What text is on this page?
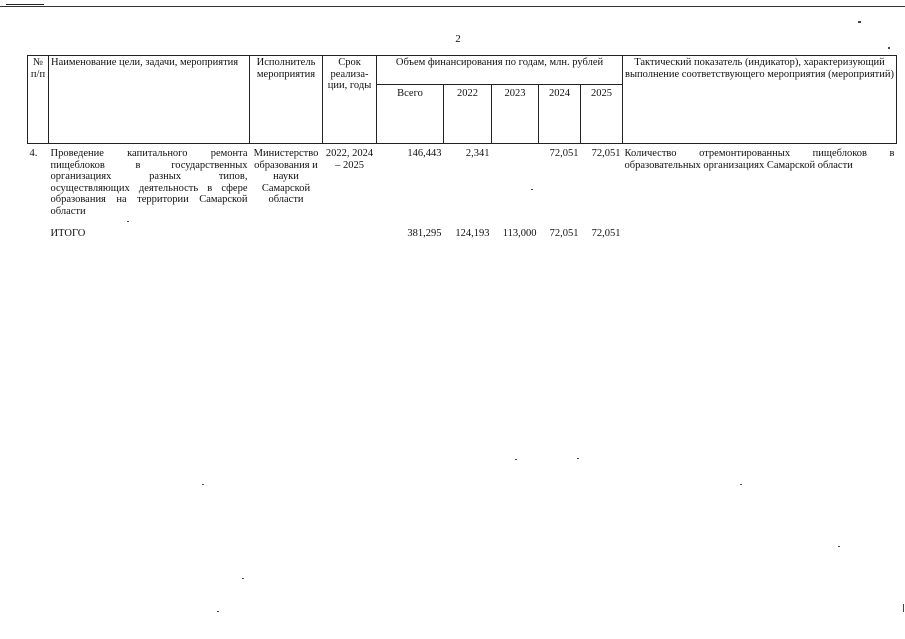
2
№ п/п	Наименование цели, задачи, мероприятия	Исполнитель мероприятия	Срок реализа-ции, годы	Объем финансирования по годам, млн. рублей					Тактический показатель (индикатор), характеризующий выполнение соответствующего мероприятия (мероприятий)
				Всего	2022	2023	2024	2025	
4.	Проведение капитального ремонта пищеблоков в государственных организациях разных типов, осуществляющих деятельность в сфере образования на территории Самарской области	Министерство образования и науки Самарской области	2022, 2024 – 2025	146,443	2,341		72,051	72,051	Количество отремонтированных пищеблоков в образовательных организациях Самарской области

	ИТОГО			381,295	124,193	113,000	72,051	72,051	
